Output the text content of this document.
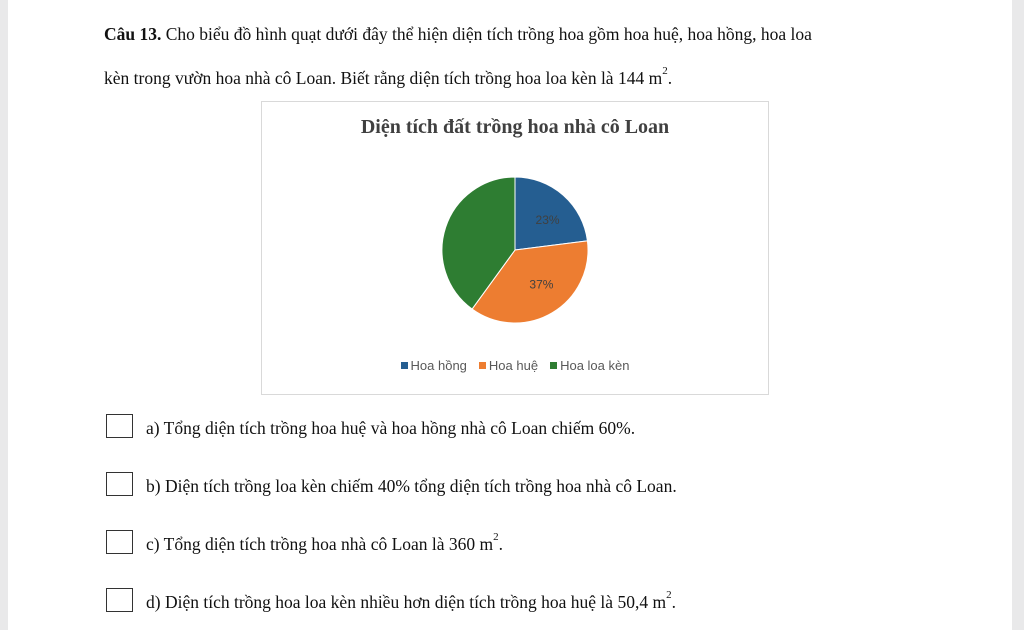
Câu 13. Cho biểu đồ hình quạt dưới đây thể hiện diện tích trồng hoa gồm hoa huệ, hoa hồng, hoa loa
kèn trong vườn hoa nhà cô Loan. Biết rằng diện tích trồng hoa loa kèn là 144 $m^2$.
Diện tích đất trồng hoa nhà cô Loan
23%
37%
Hoa hồng Hoa huệ Hoa loa kèn
a) Tổng diện tích trồng hoa huệ và hoa hồng nhà cô Loan chiếm 60%.
b) Diện tích trồng loa kèn chiếm 40% tổng diện tích trồng hoa nhà cô Loan.
c) Tổng diện tích trồng hoa nhà cô Loan là 360 $m^2$.
d) Diện tích trồng hoa loa kèn nhiều hơn diện tích trồng hoa huệ là 50,4 $m^2$.
